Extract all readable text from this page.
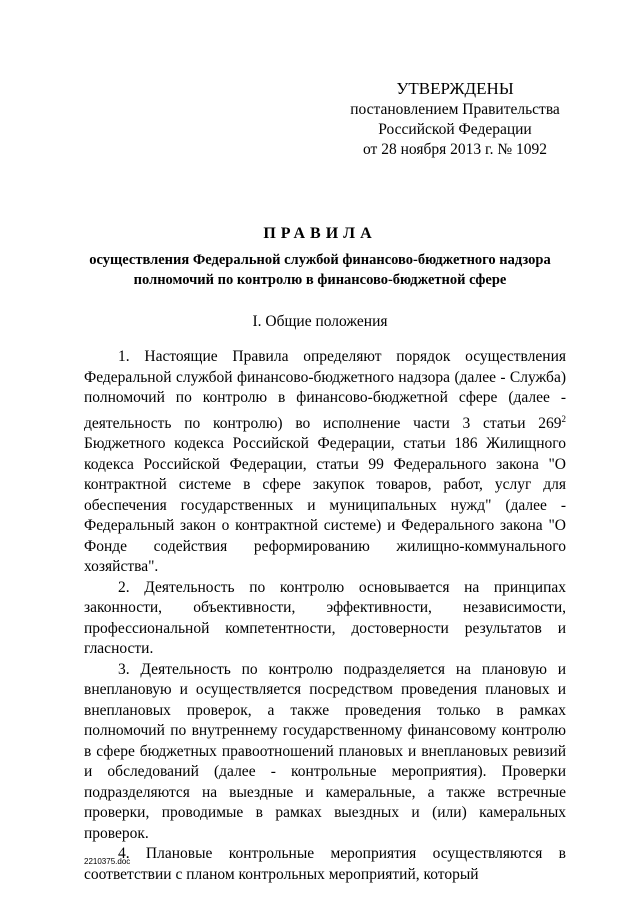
УТВЕРЖДЕНЫ
постановлением Правительства
Российской Федерации
от 28 ноября 2013 г. № 1092
ПРАВИЛА
осуществления Федеральной службой финансово-бюджетного надзора
полномочий по контролю в финансово-бюджетной сфере
I. Общие положения

1. Настоящие Правила определяют порядок осуществления Федеральной службой финансово-бюджетного надзора (далее - Служба) полномочий по контролю в финансово-бюджетной сфере (далее - деятельность по контролю) во исполнение части 3 статьи $269^2$ Бюджетного кодекса Российской Федерации, статьи 186 Жилищного кодекса Российской Федерации, статьи 99 Федерального закона "О контрактной системе в сфере закупок товаров, работ, услуг для обеспечения государственных и муниципальных нужд" (далее - Федеральный закон о контрактной системе) и Федерального закона "О Фонде содействия реформированию жилищно-коммунального хозяйства".

2. Деятельность по контролю основывается на принципах законности, объективности, эффективности, независимости, профессиональной компетентности, достоверности результатов и гласности.

3. Деятельность по контролю подразделяется на плановую и внеплановую и осуществляется посредством проведения плановых и внеплановых проверок, а также проведения только в рамках полномочий по внутреннему государственному финансовому контролю в сфере бюджетных правоотношений плановых и внеплановых ревизий и обследований (далее - контрольные мероприятия). Проверки подразделяются на выездные и камеральные, а также встречные проверки, проводимые в рамках выездных и (или) камеральных проверок.

4. Плановые контрольные мероприятия осуществляются в соответствии с планом контрольных мероприятий, который

2210375.doc
